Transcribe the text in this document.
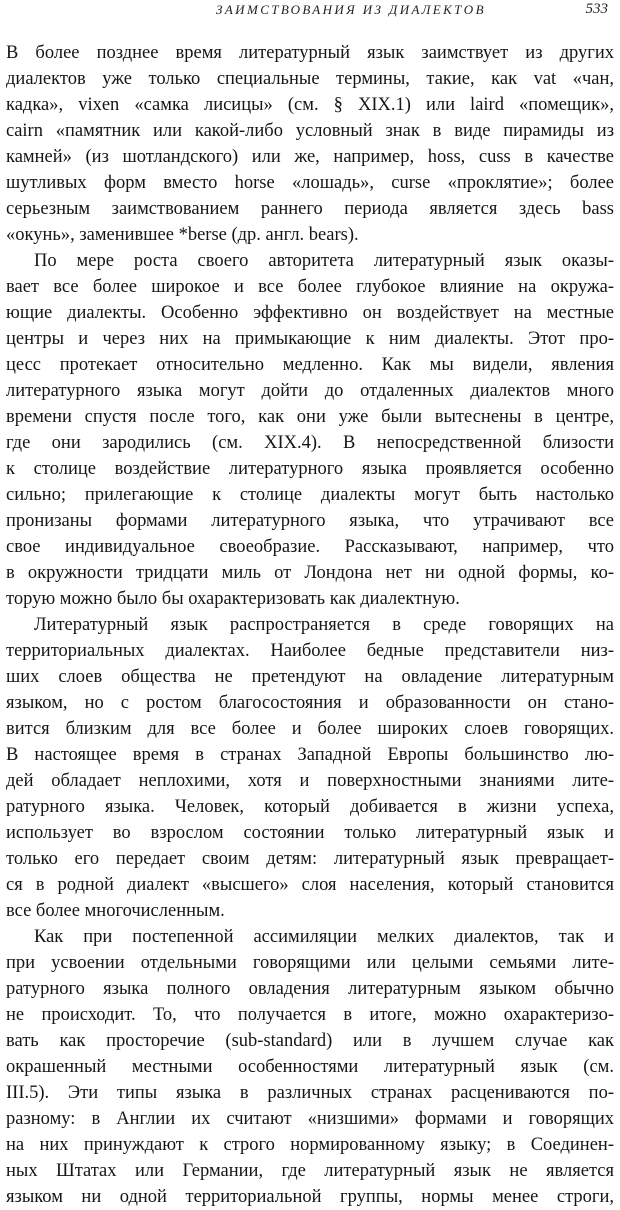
ЗАИМСТВОВАНИЯ ИЗ ДИАЛЕКТОВ	533
В более позднее время литературный язык заимствует из других
диалектов уже только специальные термины, такие, как vat «чан,
кадка», vixen «самка лисицы» (см. § XIX.1) или laird «помещик»,
cairn «памятник или какой-либо условный знак в виде пирамиды из
камней» (из шотландского) или же, например, hoss, cuss в качестве
шутливых форм вместо horse «лошадь», curse «проклятие»; более
серьезным заимствованием раннего периода является здесь bass
«окунь», заменившее *berse (др. англ. bears).
По мере роста своего авторитета литературный язык оказы-
вает все более широкое и все более глубокое влияние на окружа-
ющие диалекты. Особенно эффективно он воздействует на местные
центры и через них на примыкающие к ним диалекты. Этот про-
цесс протекает относительно медленно. Как мы видели, явления
литературного языка могут дойти до отдаленных диалектов много
времени спустя после того, как они уже были вытеснены в центре,
где они зародились (см. XIX.4). В непосредственной близости
к столице воздействие литературного языка проявляется особенно
сильно; прилегающие к столице диалекты могут быть настолько
пронизаны формами литературного языка, что утрачивают все
свое индивидуальное своеобразие. Рассказывают, например, что
в окружности тридцати миль от Лондона нет ни одной формы, ко-
торую можно было бы охарактеризовать как диалектную.
Литературный язык распространяется в среде говорящих на
территориальных диалектах. Наиболее бедные представители низ-
ших слоев общества не претендуют на овладение литературным
языком, но с ростом благосостояния и образованности он стано-
вится близким для все более и более широких слоев говорящих.
В настоящее время в странах Западной Европы большинство лю-
дей обладает неплохими, хотя и поверхностными знаниями лите-
ратурного языка. Человек, который добивается в жизни успеха,
использует во взрослом состоянии только литературный язык и
только его передает своим детям: литературный язык превращает-
ся в родной диалект «высшего» слоя населения, который становится
все более многочисленным.
Как при постепенной ассимиляции мелких диалектов, так и
при усвоении отдельными говорящими или целыми семьями лите-
ратурного языка полного овладения литературным языком обычно
не происходит. То, что получается в итоге, можно охарактеризо-
вать как просторечие (sub-standard) или в лучшем случае как
окрашенный местными особенностями литературный язык (см.
III.5). Эти типы языка в различных странах расцениваются по-
разному: в Англии их считают «низшими» формами и говорящих
на них принуждают к строго нормированному языку; в Соединен-
ных Штатах или Германии, где литературный язык не является
языком ни одной территориальной группы, нормы менее строги,
